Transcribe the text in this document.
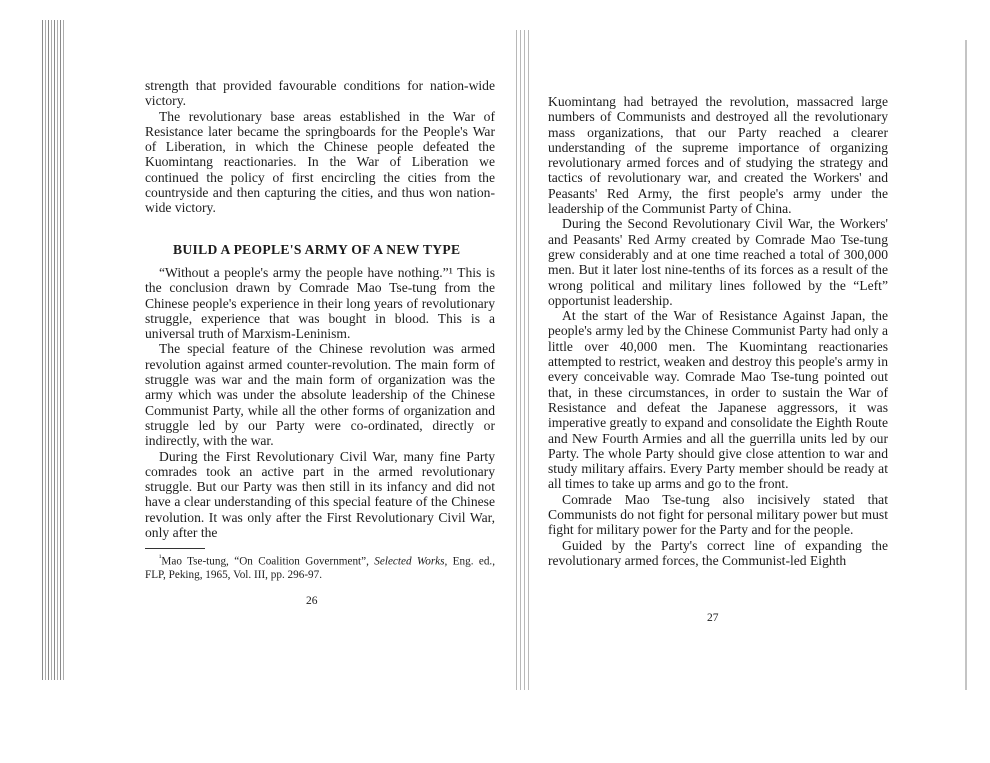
strength that provided favourable conditions for nation-wide victory.

The revolutionary base areas established in the War of Resistance later became the springboards for the People's War of Liberation, in which the Chinese people defeated the Kuomintang reactionaries. In the War of Liberation we continued the policy of first encircling the cities from the countryside and then capturing the cities, and thus won nation-wide victory.

BUILD A PEOPLE'S ARMY OF A NEW TYPE

“Without a people's army the people have nothing.”¹ This is the conclusion drawn by Comrade Mao Tse-tung from the Chinese people's experience in their long years of revolutionary struggle, experience that was bought in blood. This is a universal truth of Marxism-Leninism.

The special feature of the Chinese revolution was armed revolution against armed counter-revolution. The main form of struggle was war and the main form of organization was the army which was under the absolute leadership of the Chinese Communist Party, while all the other forms of organization and struggle led by our Party were co-ordinated, directly or indirectly, with the war.

During the First Revolutionary Civil War, many fine Party comrades took an active part in the armed revolutionary struggle. But our Party was then still in its infancy and did not have a clear understanding of this special feature of the Chinese revolution. It was only after the First Revolutionary Civil War, only after the

$^{^1}$Mao Tse-tung, “On Coalition Government”, Selected Works, Eng. ed., FLP, Peking, 1965, Vol. III, pp. 296-97.

26

Kuomintang had betrayed the revolution, massacred large numbers of Communists and destroyed all the revolutionary mass organizations, that our Party reached a clearer understanding of the supreme importance of organizing revolutionary armed forces and of studying the strategy and tactics of revolutionary war, and created the Workers' and Peasants' Red Army, the first people's army under the leadership of the Communist Party of China.

During the Second Revolutionary Civil War, the Workers' and Peasants' Red Army created by Comrade Mao Tse-tung grew considerably and at one time reached a total of 300,000 men. But it later lost nine-tenths of its forces as a result of the wrong political and military lines followed by the “Left” opportunist leadership.

At the start of the War of Resistance Against Japan, the people's army led by the Chinese Communist Party had only a little over 40,000 men. The Kuomintang reactionaries attempted to restrict, weaken and destroy this people's army in every conceivable way. Comrade Mao Tse-tung pointed out that, in these circumstances, in order to sustain the War of Resistance and defeat the Japanese aggressors, it was imperative greatly to expand and consolidate the Eighth Route and New Fourth Armies and all the guerrilla units led by our Party. The whole Party should give close attention to war and study military affairs. Every Party member should be ready at all times to take up arms and go to the front.

Comrade Mao Tse-tung also incisively stated that Communists do not fight for personal military power but must fight for military power for the Party and for the people.

Guided by the Party's correct line of expanding the revolutionary armed forces, the Communist-led Eighth

27
